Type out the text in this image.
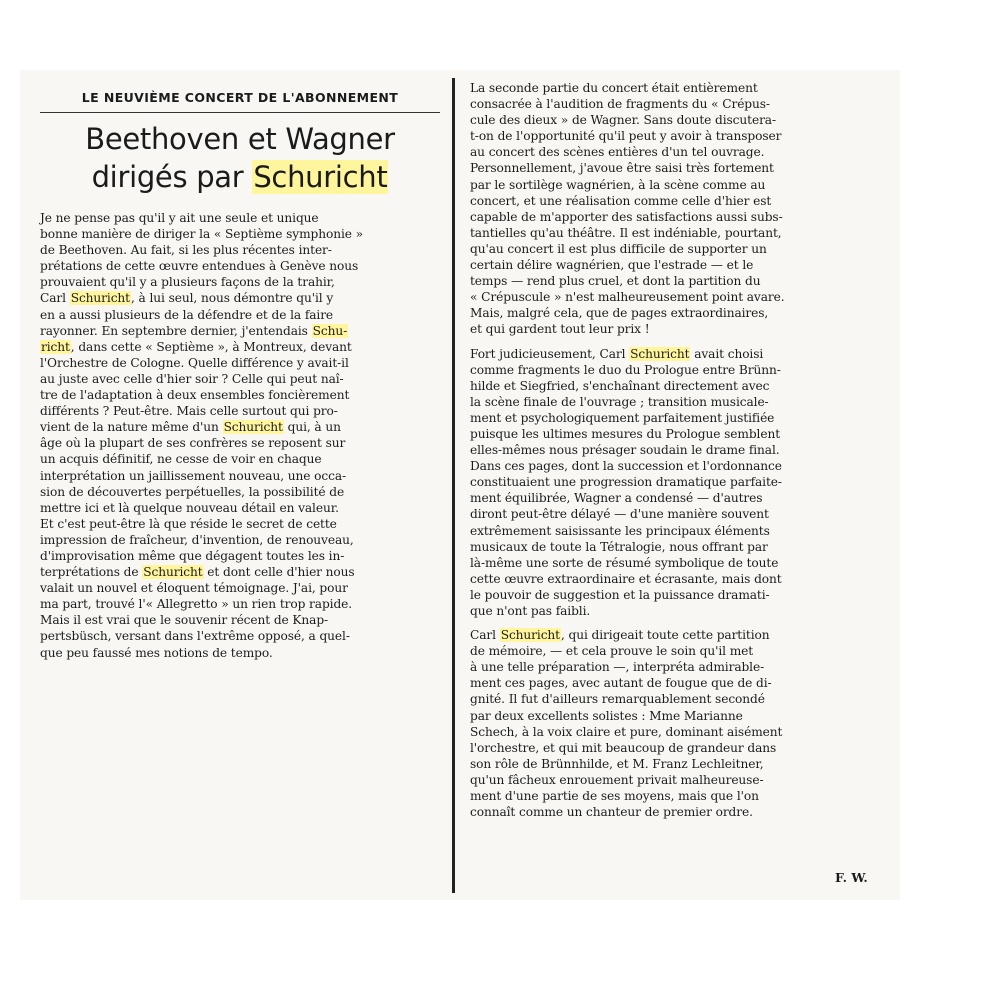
LE NEUVIÈME CONCERT DE L'ABONNEMENT
Beethoven et Wagner
dirigés par Schuricht
Je ne pense pas qu'il y ait une seule et unique
bonne manière de diriger la « Septième symphonie »
de Beethoven. Au fait, si les plus récentes inter-
prétations de cette œuvre entendues à Genève nous
prouvaient qu'il y a plusieurs façons de la trahir,
Carl Schuricht, à lui seul, nous démontre qu'il y
en a aussi plusieurs de la défendre et de la faire
rayonner. En septembre dernier, j'entendais Schu-
richt, dans cette « Septième », à Montreux, devant
l'Orchestre de Cologne. Quelle différence y avait-il
au juste avec celle d'hier soir ? Celle qui peut naî-
tre de l'adaptation à deux ensembles foncièrement
différents ? Peut-être. Mais celle surtout qui pro-
vient de la nature même d'un Schuricht qui, à un
âge où la plupart de ses confrères se reposent sur
un acquis définitif, ne cesse de voir en chaque
interprétation un jaillissement nouveau, une occa-
sion de découvertes perpétuelles, la possibilité de
mettre ici et là quelque nouveau détail en valeur.
Et c'est peut-être là que réside le secret de cette
impression de fraîcheur, d'invention, de renouveau,
d'improvisation même que dégagent toutes les in-
terprétations de Schuricht et dont celle d'hier nous
valait un nouvel et éloquent témoignage. J'ai, pour
ma part, trouvé l'« Allegretto » un rien trop rapide.
Mais il est vrai que le souvenir récent de Knap-
pertsbüsch, versant dans l'extrême opposé, a quel-
que peu faussé mes notions de tempo.
La seconde partie du concert était entièrement
consacrée à l'audition de fragments du « Crépus-
cule des dieux » de Wagner. Sans doute discutera-
t-on de l'opportunité qu'il peut y avoir à transposer
au concert des scènes entières d'un tel ouvrage.
Personnellement, j'avoue être saisi très fortement
par le sortilège wagnérien, à la scène comme au
concert, et une réalisation comme celle d'hier est
capable de m'apporter des satisfactions aussi subs-
tantielles qu'au théâtre. Il est indéniable, pourtant,
qu'au concert il est plus difficile de supporter un
certain délire wagnérien, que l'estrade — et le
temps — rend plus cruel, et dont la partition du
« Crépuscule » n'est malheureusement point avare.
Mais, malgré cela, que de pages extraordinaires,
et qui gardent tout leur prix !
Fort judicieusement, Carl Schuricht avait choisi
comme fragments le duo du Prologue entre Brünn-
hilde et Siegfried, s'enchaînant directement avec
la scène finale de l'ouvrage ; transition musicale-
ment et psychologiquement parfaitement justifiée
puisque les ultimes mesures du Prologue semblent
elles-mêmes nous présager soudain le drame final.
Dans ces pages, dont la succession et l'ordonnance
constituaient une progression dramatique parfaite-
ment équilibrée, Wagner a condensé — d'autres
diront peut-être délayé — d'une manière souvent
extrêmement saisissante les principaux éléments
musicaux de toute la Tétralogie, nous offrant par
là-même une sorte de résumé symbolique de toute
cette œuvre extraordinaire et écrasante, mais dont
le pouvoir de suggestion et la puissance dramati-
que n'ont pas faibli.
Carl Schuricht, qui dirigeait toute cette partition
de mémoire, — et cela prouve le soin qu'il met
à une telle préparation —, interpréta admirable-
ment ces pages, avec autant de fougue que de di-
gnité. Il fut d'ailleurs remarquablement secondé
par deux excellents solistes : Mme Marianne
Schech, à la voix claire et pure, dominant aisément
l'orchestre, et qui mit beaucoup de grandeur dans
son rôle de Brünnhilde, et M. Franz Lechleitner,
qu'un fâcheux enrouement privait malheureuse-
ment d'une partie de ses moyens, mais que l'on
connaît comme un chanteur de premier ordre.
F. W.
